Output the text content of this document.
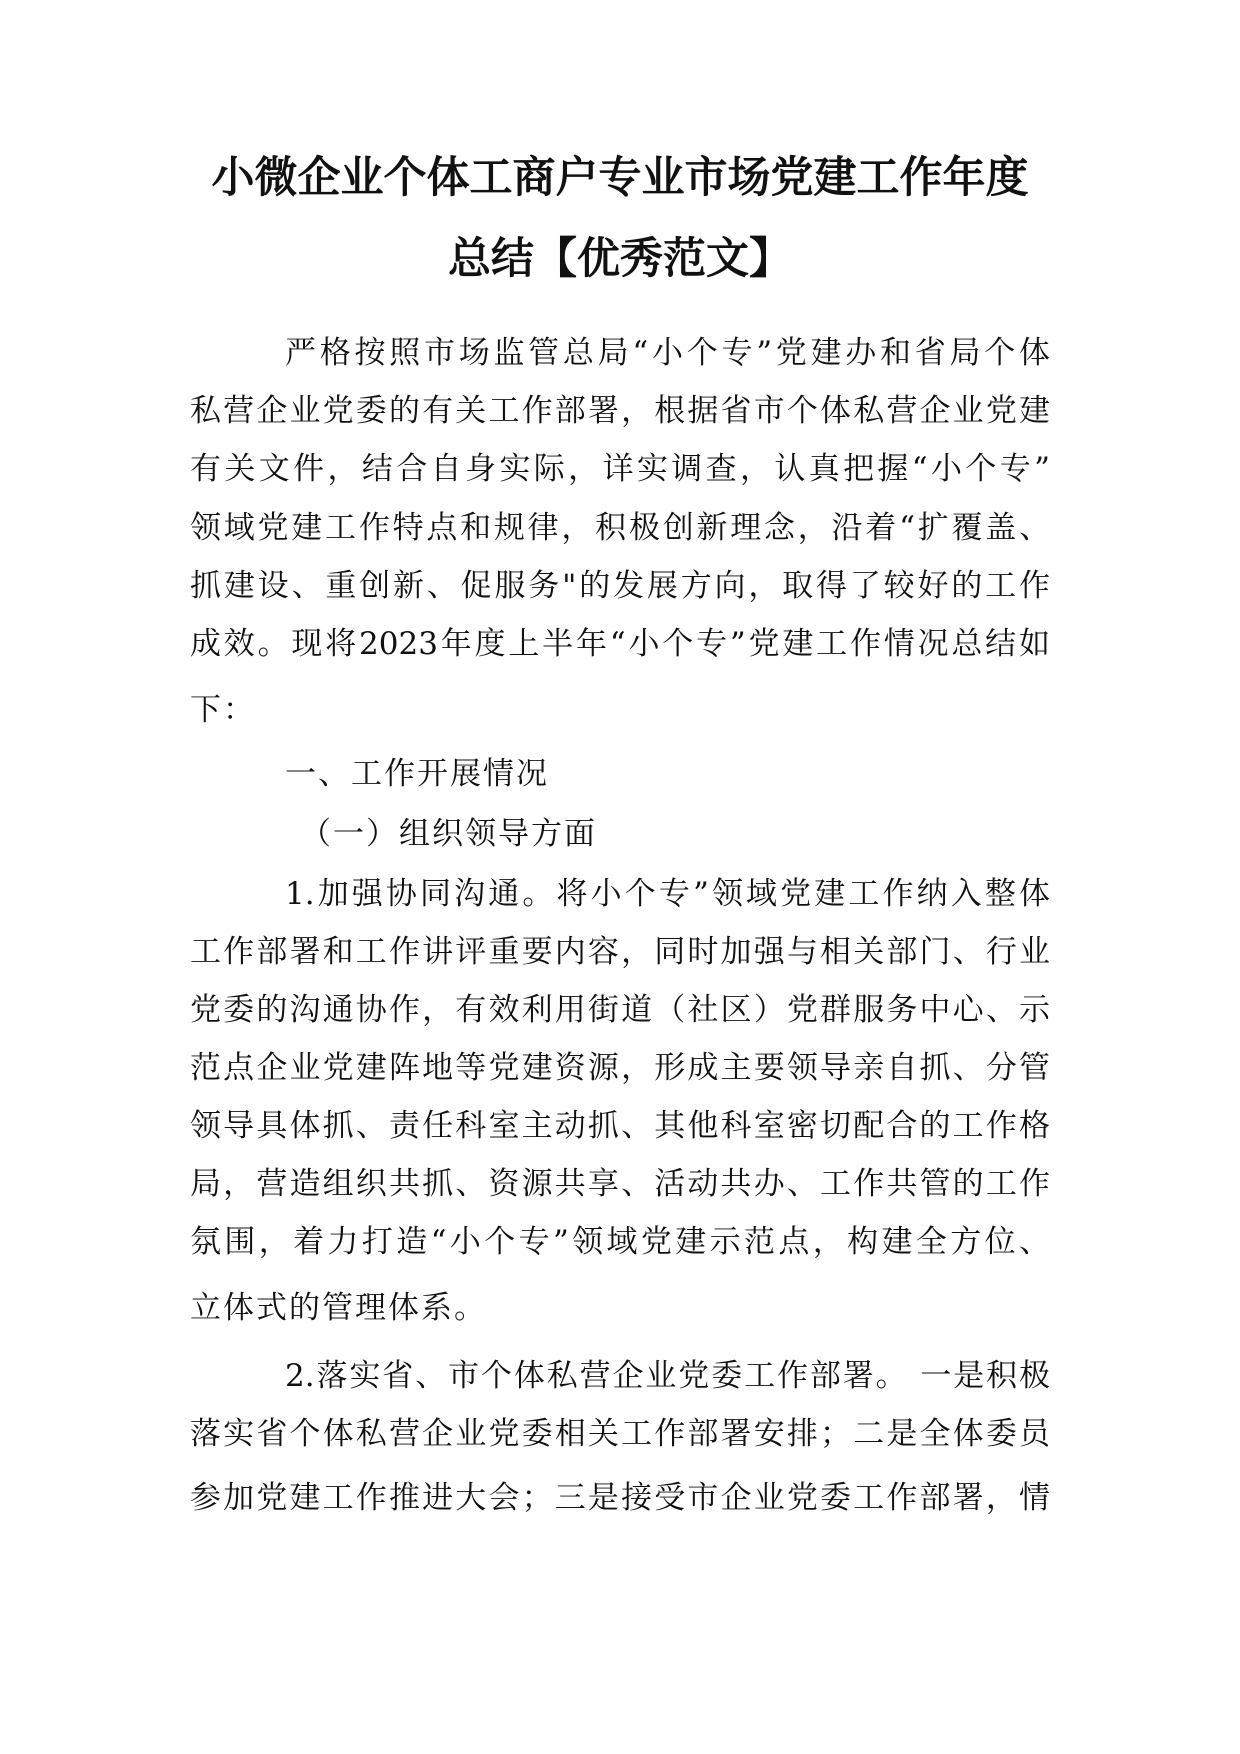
小微企业个体工商户专业市场党建工作年度
总结【优秀范文】
严格按照市场监管总局“小个专”党建办和省局个体
私营企业党委的有关工作部署，根据省市个体私营企业党建
有关文件，结合自身实际，详实调查，认真把握“小个专”
领域党建工作特点和规律，积极创新理念，沿着“扩覆盖、
抓建设、重创新、促服务"的发展方向，取得了较好的工作
成效。现将2023年度上半年“小个专”党建工作情况总结如
下：
一、工作开展情况
（一）组织领导方面
1.加强协同沟通。将小个专”领域党建工作纳入整体
工作部署和工作讲评重要内容，同时加强与相关部门、行业
党委的沟通协作，有效利用街道（社区）党群服务中心、示
范点企业党建阵地等党建资源，形成主要领导亲自抓、分管
领导具体抓、责任科室主动抓、其他科室密切配合的工作格
局，营造组织共抓、资源共享、活动共办、工作共管的工作
氛围，着力打造“小个专”领域党建示范点，构建全方位、
立体式的管理体系。
2.落实省、市个体私营企业党委工作部署。 一是积极
落实省个体私营企业党委相关工作部署安排；二是全体委员
参加党建工作推进大会；三是接受市企业党委工作部署，情
